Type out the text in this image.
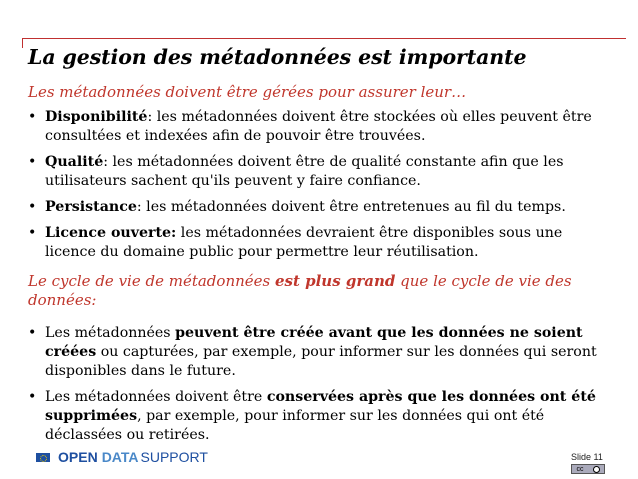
La gestion des métadonnées est importante
Les métadonnées doivent être gérées pour assurer leur…
• Disponibilité: les métadonnées doivent être stockées où elles peuvent être consultées et indexées afin de pouvoir être trouvées.
• Qualité: les métadonnées doivent être de qualité constante afin que les utilisateurs sachent qu'ils peuvent y faire confiance.
• Persistance: les métadonnées doivent être entretenues au fil du temps.
• Licence ouverte: les métadonnées devraient être disponibles sous une licence du domaine public pour permettre leur réutilisation.
Le cycle de vie de métadonnées est plus grand que le cycle de vie des données:
• Les métadonnées peuvent être créée avant que les données ne soient créées ou capturées, par exemple, pour informer sur les données qui seront disponibles dans le future.
• Les métadonnées doivent être conservées après que les données ont été supprimées, par exemple, pour informer sur les données qui ont été déclassées ou retirées.
OPEN DATA SUPPORT	Slide 11
cc
